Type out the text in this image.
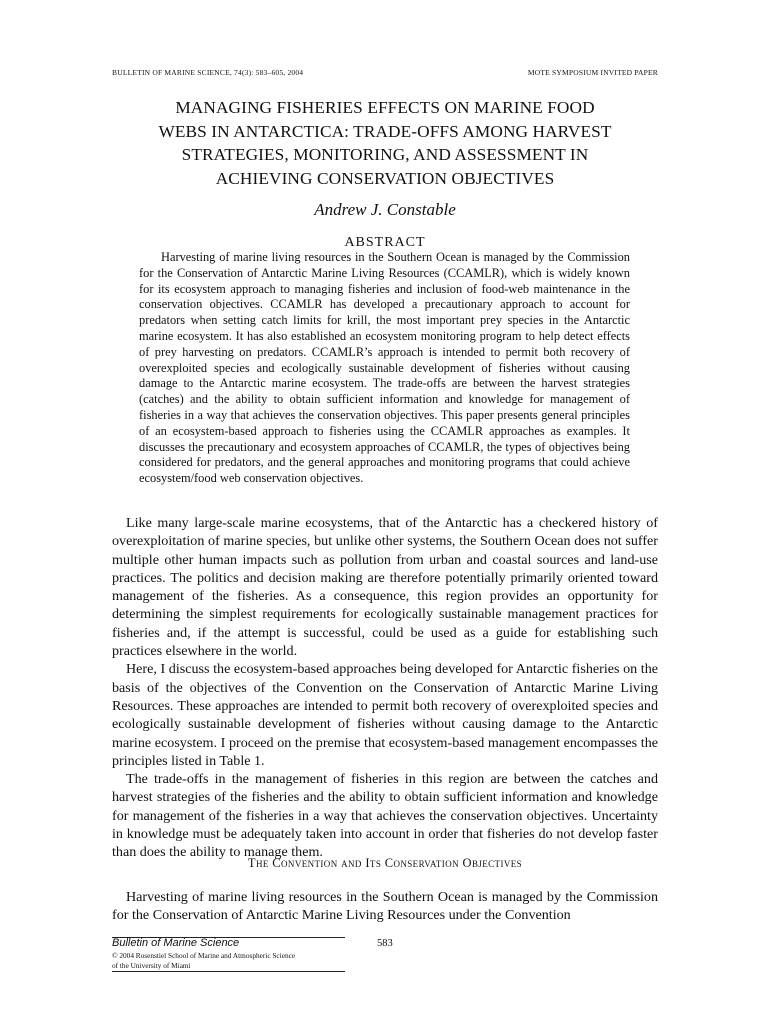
BULLETIN OF MARINE SCIENCE, 74(3): 583–605, 2004	MOTE SYMPOSIUM INVITED PAPER
MANAGING FISHERIES EFFECTS ON MARINE FOOD
WEBS IN ANTARCTICA: TRADE-OFFS AMONG HARVEST
STRATEGIES, MONITORING, AND ASSESSMENT IN
ACHIEVING CONSERVATION OBJECTIVES
Andrew J. Constable
ABSTRACT

Harvesting of marine living resources in the Southern Ocean is managed by the Commission for the Conservation of Antarctic Marine Living Resources (CCAMLR), which is widely known for its ecosystem approach to managing fisheries and inclusion of food-web maintenance in the conservation objectives. CCAMLR has developed a precautionary approach to account for predators when setting catch limits for krill, the most important prey species in the Antarctic marine ecosystem. It has also established an ecosystem monitoring program to help detect effects of prey harvesting on predators. CCAMLR’s approach is intended to permit both recovery of overexploited species and ecologically sustainable development of fisheries without causing damage to the Antarctic marine ecosystem. The trade-offs are between the harvest strategies (catches) and the ability to obtain sufficient information and knowledge for management of fisheries in a way that achieves the conservation objectives. This paper presents general principles of an ecosystem-based approach to fisheries using the CCAMLR approaches as examples. It discusses the precautionary and ecosystem approaches of CCAMLR, the types of objectives being considered for predators, and the general approaches and monitoring programs that could achieve ecosystem/food web conservation objectives.

Like many large-scale marine ecosystems, that of the Antarctic has a checkered history of overexploitation of marine species, but unlike other systems, the Southern Ocean does not suffer multiple other human impacts such as pollution from urban and coastal sources and land-use practices. The politics and decision making are therefore potentially primarily oriented toward management of the fisheries. As a consequence, this region provides an opportunity for determining the simplest requirements for ecologically sustainable management practices for fisheries and, if the attempt is successful, could be used as a guide for establishing such practices elsewhere in the world.

Here, I discuss the ecosystem-based approaches being developed for Antarctic fisheries on the basis of the objectives of the Convention on the Conservation of Antarctic Marine Living Resources. These approaches are intended to permit both recovery of overexploited species and ecologically sustainable development of fisheries without causing damage to the Antarctic marine ecosystem. I proceed on the premise that ecosystem-based management encompasses the principles listed in Table 1.

The trade-offs in the management of fisheries in this region are between the catches and harvest strategies of the fisheries and the ability to obtain sufficient information and knowledge for management of the fisheries in a way that achieves the conservation objectives. Uncertainty in knowledge must be adequately taken into account in order that fisheries do not develop faster than does the ability to manage them.

The Convention and Its Conservation Objectives

Harvesting of marine living resources in the Southern Ocean is managed by the Commission for the Conservation of Antarctic Marine Living Resources under the Convention

Bulletin of Marine Science
© 2004 Rosenstiel School of Marine and Atmospheric Science
of the University of Miami
583
